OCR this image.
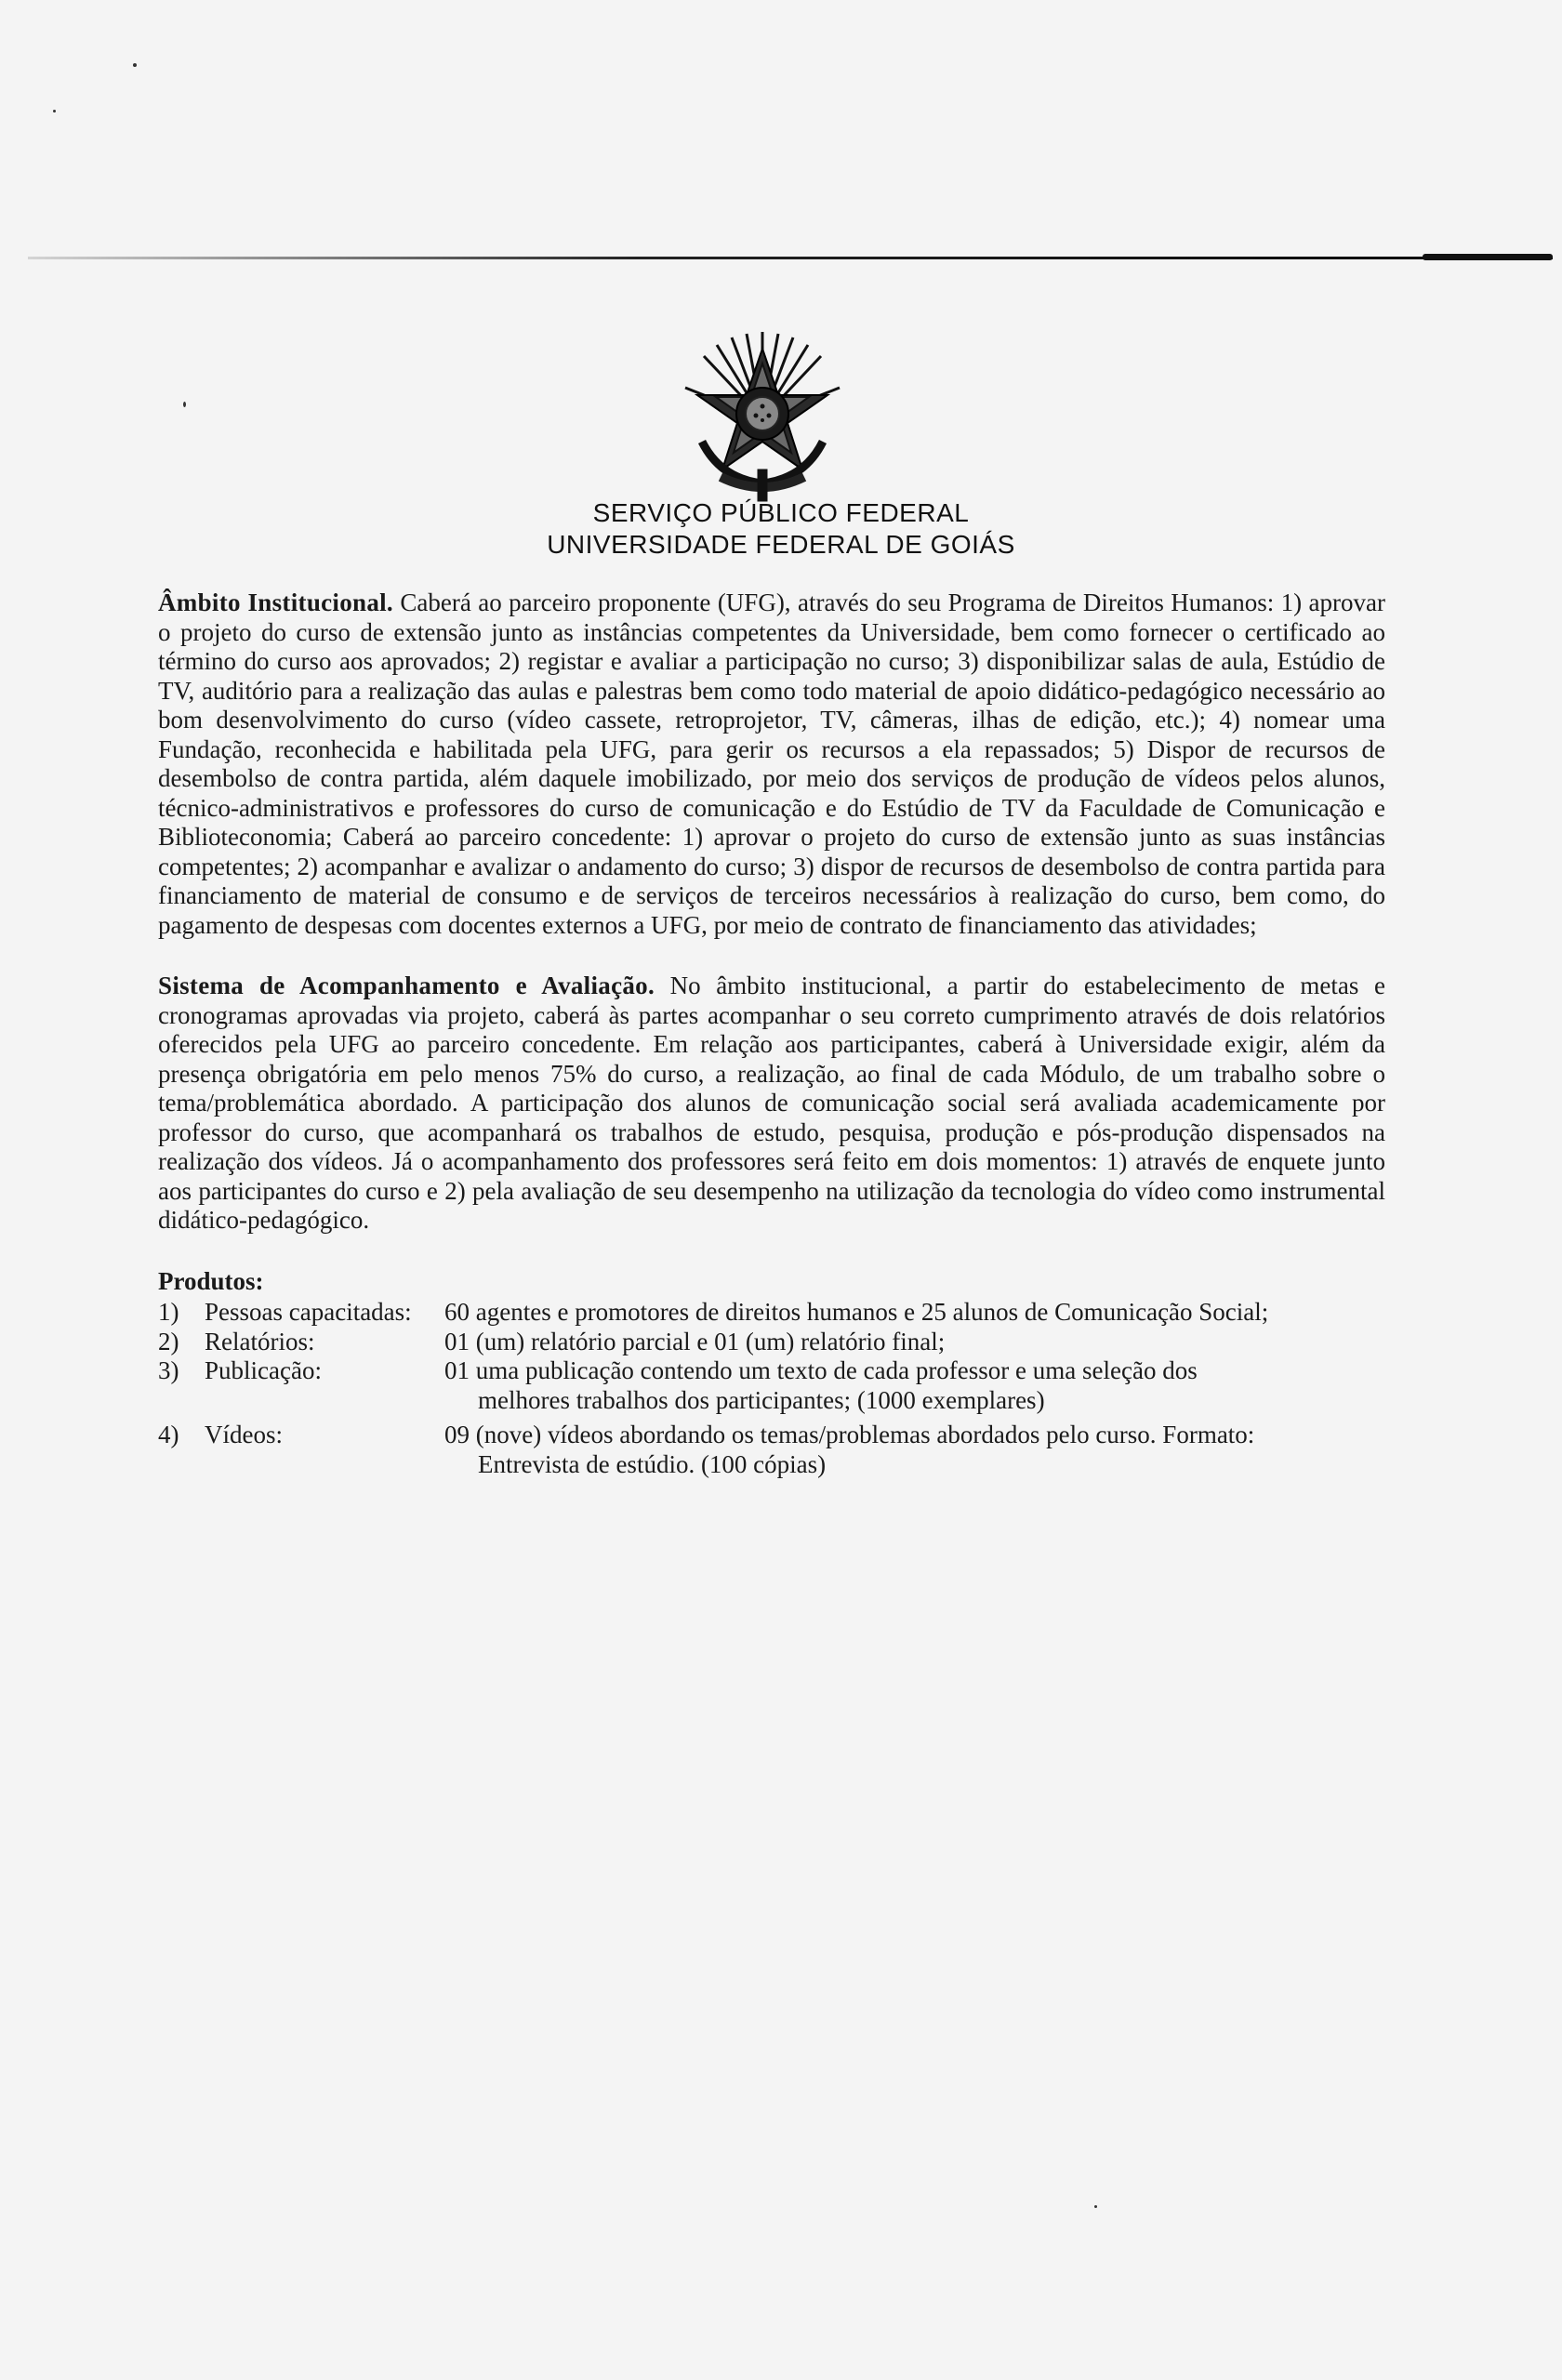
SERVIÇO PÚBLICO FEDERAL
UNIVERSIDADE FEDERAL DE GOIÁS

Âmbito Institucional. Caberá ao parceiro proponente (UFG), através do seu Programa de Direitos Humanos: 1) aprovar o projeto do curso de extensão junto as instâncias competentes da Universidade, bem como fornecer o certificado ao término do curso aos aprovados; 2) registar e avaliar a participação no curso; 3) disponibilizar salas de aula, Estúdio de TV, auditório para a realização das aulas e palestras bem como todo material de apoio didático-pedagógico necessário ao bom desenvolvimento do curso (vídeo cassete, retroprojetor, TV, câmeras, ilhas de edição, etc.); 4) nomear uma Fundação, reconhecida e habilitada pela UFG, para gerir os recursos a ela repassados; 5) Dispor de recursos de desembolso de contra partida, além daquele imobilizado, por meio dos serviços de produção de vídeos pelos alunos, técnico-administrativos e professores do curso de comunicação e do Estúdio de TV da Faculdade de Comunicação e Biblioteconomia; Caberá ao parceiro concedente: 1) aprovar o projeto do curso de extensão junto as suas instâncias competentes; 2) acompanhar e avalizar o andamento do curso; 3) dispor de recursos de desembolso de contra partida para financiamento de material de consumo e de serviços de terceiros necessários à realização do curso, bem como, do pagamento de despesas com docentes externos a UFG, por meio de contrato de financiamento das atividades;

Sistema de Acompanhamento e Avaliação. No âmbito institucional, a partir do estabelecimento de metas e cronogramas aprovadas via projeto, caberá às partes acompanhar o seu correto cumprimento através de dois relatórios oferecidos pela UFG ao parceiro concedente. Em relação aos participantes, caberá à Universidade exigir, além da presença obrigatória em pelo menos 75% do curso, a realização, ao final de cada Módulo, de um trabalho sobre o tema/problemática abordado. A participação dos alunos de comunicação social será avaliada academicamente por professor do curso, que acompanhará os trabalhos de estudo, pesquisa, produção e pós-produção dispensados na realização dos vídeos. Já o acompanhamento dos professores será feito em dois momentos: 1) através de enquete junto aos participantes do curso e 2) pela avaliação de seu desempenho na utilização da tecnologia do vídeo como instrumental didático-pedagógico.

Produtos:

1)	Pessoas capacitadas:	60 agentes e promotores de direitos humanos e 25 alunos de Comunicação Social;
2)	Relatórios:	01 (um) relatório parcial e 01 (um) relatório final;
3)	Publicação:	01 uma publicação contendo um texto de cada professor e uma seleção dos
melhores trabalhos dos participantes; (1000 exemplares)
4)	Vídeos:	09 (nove) vídeos abordando os temas/problemas abordados pelo curso. Formato:
Entrevista de estúdio. (100 cópias)
